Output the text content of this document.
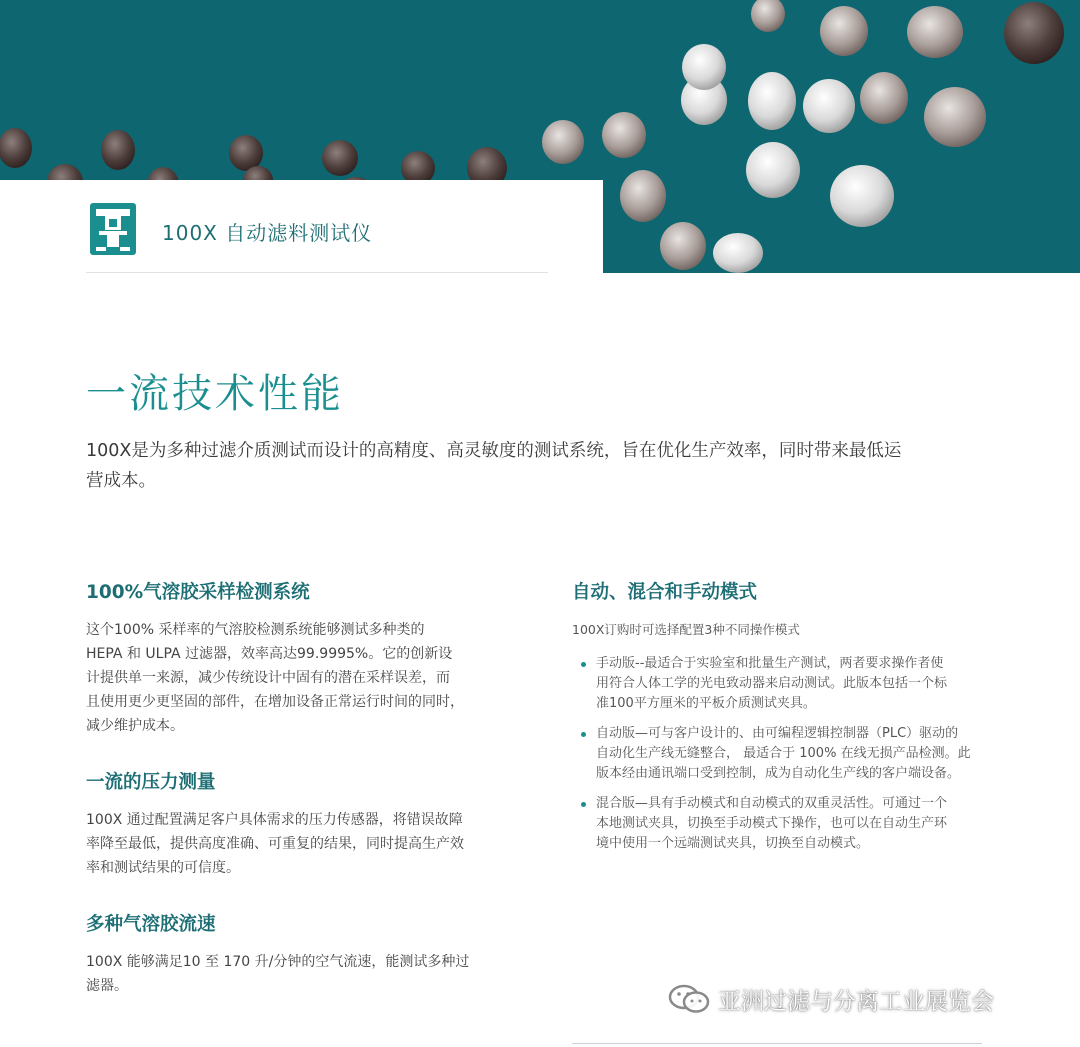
100X 自动滤料测试仪
一流技术性能
100X是为多种过滤介质测试而设计的高精度、高灵敏度的测试系统，旨在优化生产效率，同时带来最低运
营成本。
100%气溶胶采样检测系统
这个100% 采样率的气溶胶检测系统能够测试多种类的
HEPA 和 ULPA 过滤器，效率高达99.9995%。它的创新设
计提供单一来源，减少传统设计中固有的潜在采样误差，而
且使用更少更坚固的部件，在增加设备正常运行时间的同时，
减少维护成本。
一流的压力测量
100X 通过配置满足客户具体需求的压力传感器，将错误故障
率降至最低，提供高度准确、可重复的结果，同时提高生产效
率和测试结果的可信度。
多种气溶胶流速
100X 能够满足10 至 170 升/分钟的空气流速，能测试多种过
滤器。
自动、混合和手动模式
100X订购时可选择配置3种不同操作模式
手动版--最适合于实验室和批量生产测试，两者要求操作者使
用符合人体工学的光电致动器来启动测试。此版本包括一个标
准100平方厘米的平板介质测试夹具。
自动版—可与客户设计的、由可编程逻辑控制器（PLC）驱动的
自动化生产线无缝整合， 最适合于 100% 在线无损产品检测。此
版本经由通讯端口受到控制，成为自动化生产线的客户端设备。
混合版—具有手动模式和自动模式的双重灵活性。可通过一个
本地测试夹具，切换至手动模式下操作，也可以在自动生产环
境中使用一个远端测试夹具，切换至自动模式。
亚洲过滤与分离工业展览会
